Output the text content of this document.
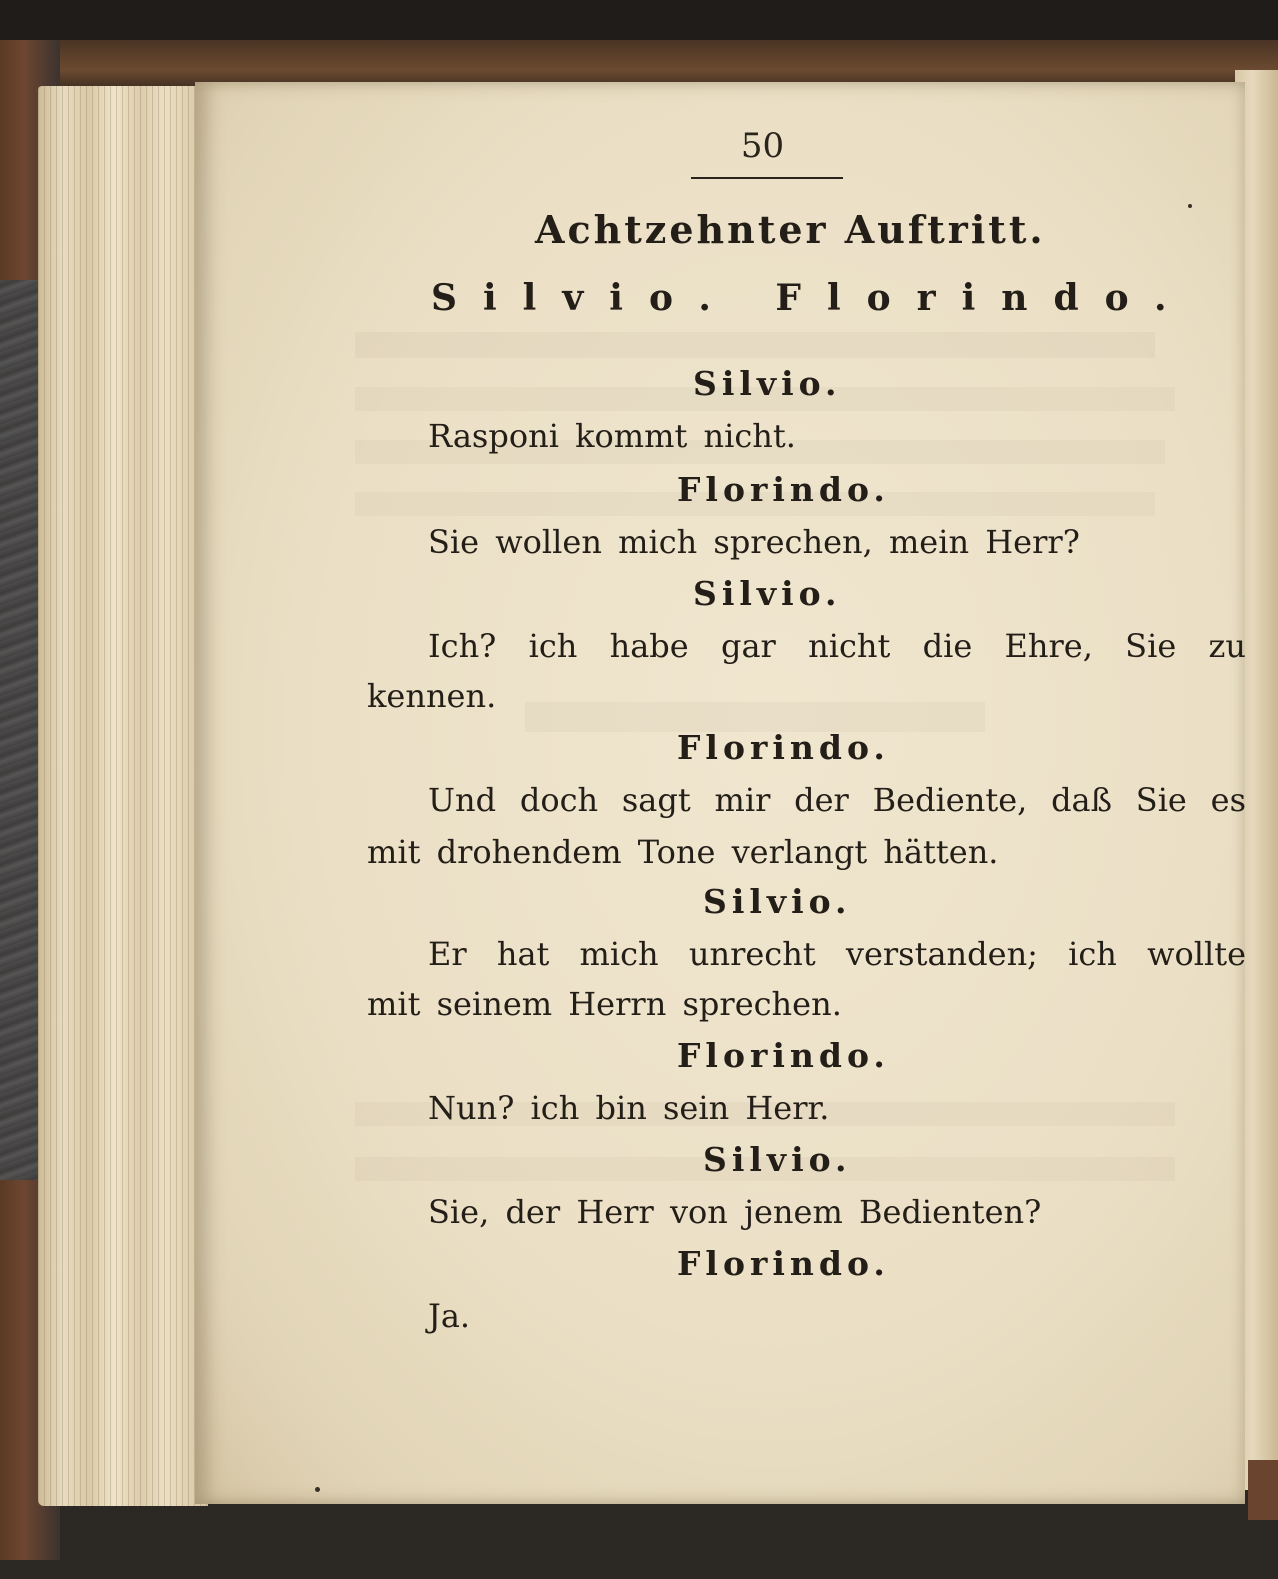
50
Achtzehnter Auftritt.
Silvio. Florindo.
Silvio.
Rasponi kommt nicht.
Florindo.
Sie wollen mich sprechen, mein Herr?
Silvio.
Ich? ich habe gar nicht die Ehre, Sie zu
kennen.
Florindo.
Und doch sagt mir der Bediente, daß Sie es
mit drohendem Tone verlangt hätten.
Silvio.
Er hat mich unrecht verstanden; ich wollte
mit seinem Herrn sprechen.
Florindo.
Nun? ich bin sein Herr.
Silvio.
Sie, der Herr von jenem Bedienten?
Florindo.
Ja.
